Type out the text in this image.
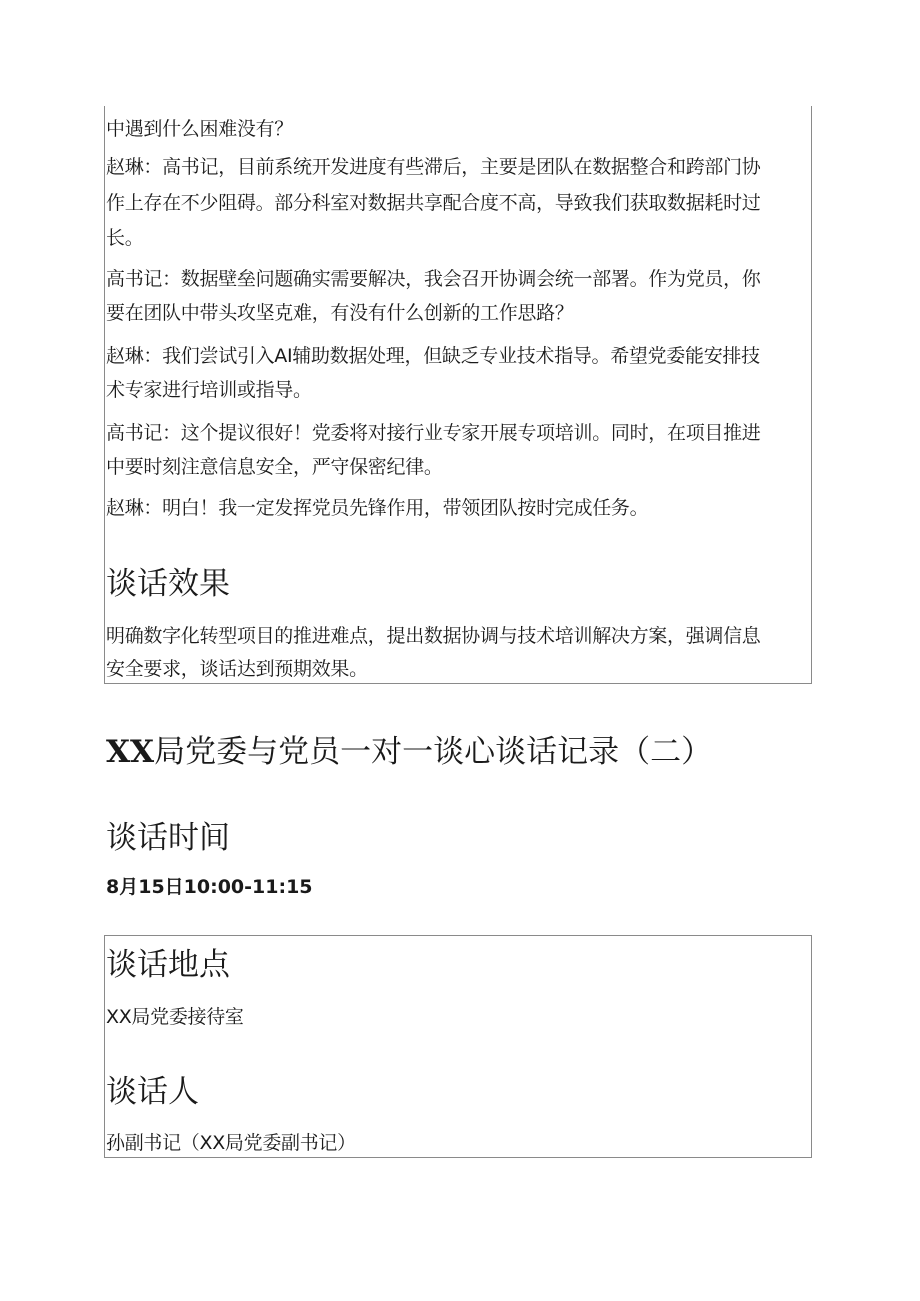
中遇到什么困难没有？
赵琳：高书记，目前系统开发进度有些滞后，主要是团队在数据整合和跨部门协
作上存在不少阻碍。部分科室对数据共享配合度不高，导致我们获取数据耗时过
长。
高书记：数据壁垒问题确实需要解决，我会召开协调会统一部署。作为党员，你
要在团队中带头攻坚克难，有没有什么创新的工作思路？
赵琳：我们尝试引入AI辅助数据处理，但缺乏专业技术指导。希望党委能安排技
术专家进行培训或指导。
高书记：这个提议很好！党委将对接行业专家开展专项培训。同时，在项目推进
中要时刻注意信息安全，严守保密纪律。
赵琳：明白！我一定发挥党员先锋作用，带领团队按时完成任务。
谈话效果
明确数字化转型项目的推进难点，提出数据协调与技术培训解决方案，强调信息
安全要求，谈话达到预期效果。
XX局党委与党员一对一谈心谈话记录（二）
谈话时间
8月15日10:00-11:15
谈话地点
XX局党委接待室
谈话人
孙副书记（XX局党委副书记）
